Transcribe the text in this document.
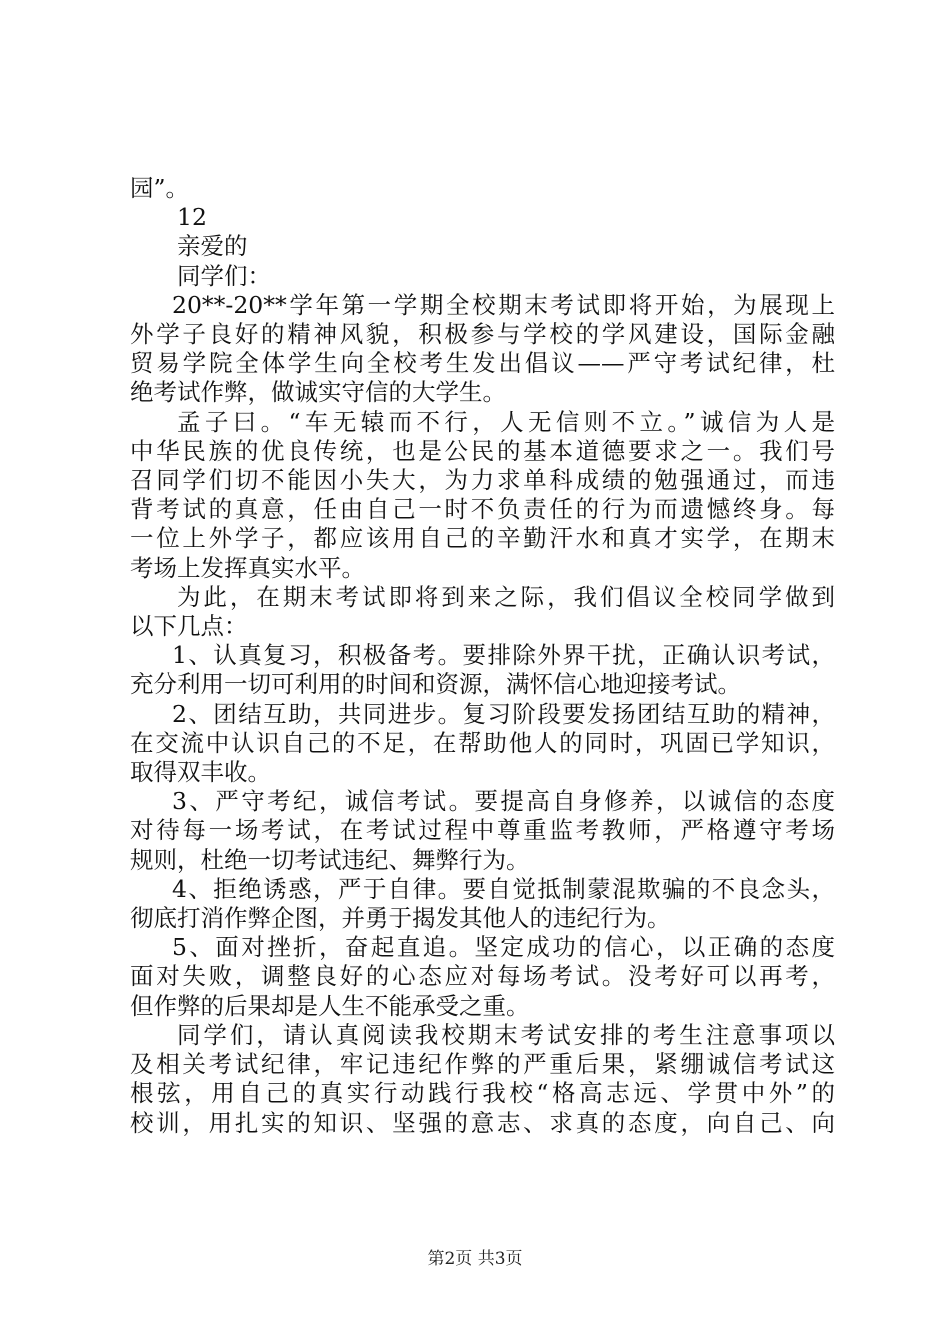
园”。
12
亲爱的
同学们：
20**-20**学年第一学期全校期末考试即将开始，为展现上
外学子良好的精神风貌，积极参与学校的学风建设，国际金融
贸易学院全体学生向全校考生发出倡议——严守考试纪律，杜
绝考试作弊，做诚实守信的大学生。
孟子曰。“车无辕而不行，人无信则不立。”诚信为人是
中华民族的优良传统，也是公民的基本道德要求之一。我们号
召同学们切不能因小失大，为力求单科成绩的勉强通过，而违
背考试的真意，任由自己一时不负责任的行为而遗憾终身。每
一位上外学子，都应该用自己的辛勤汗水和真才实学，在期末
考场上发挥真实水平。
为此，在期末考试即将到来之际，我们倡议全校同学做到
以下几点：
1、认真复习，积极备考。要排除外界干扰，正确认识考试，
充分利用一切可利用的时间和资源，满怀信心地迎接考试。
2、团结互助，共同进步。复习阶段要发扬团结互助的精神，
在交流中认识自己的不足，在帮助他人的同时，巩固已学知识，
取得双丰收。
3、严守考纪，诚信考试。要提高自身修养，以诚信的态度
对待每一场考试，在考试过程中尊重监考教师，严格遵守考场
规则，杜绝一切考试违纪、舞弊行为。
4、拒绝诱惑，严于自律。要自觉抵制蒙混欺骗的不良念头，
彻底打消作弊企图，并勇于揭发其他人的违纪行为。
5、面对挫折，奋起直追。坚定成功的信心，以正确的态度
面对失败，调整良好的心态应对每场考试。没考好可以再考，
但作弊的后果却是人生不能承受之重。
同学们，请认真阅读我校期末考试安排的考生注意事项以
及相关考试纪律，牢记违纪作弊的严重后果，紧绷诚信考试这
根弦，用自己的真实行动践行我校“格高志远、学贯中外”的
校训，用扎实的知识、坚强的意志、求真的态度，向自己、向
第2页 共3页
